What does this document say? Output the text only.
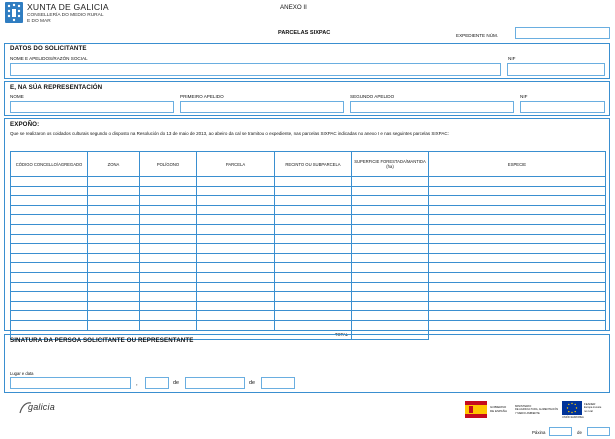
XUNTA DE GALICIA
CONSELLERÍA DO MEDIO RURAL
E DO MAR
ANEXO II
PARCELAS SIXPAC	EXPEDIENTE NÚM.
DATOS DO SOLICITANTE
NOME E APELIDOS/RAZÓN SOCIAL	NIF
E, NA SÚA REPRESENTACIÓN
NOME	PRIMEIRO APELIDO	SEGUNDO APELIDO	NIF
EXPOÑO:
Que se realizaron os coidados culturais segundo o disposto na Resolución do 13 de maio de 2013, ao abeiro da cal se tramitou o expediente, nas parcelas SIXPAC indicadas no anexo I e nas seguintes parcelas SIXPAC:
CÓDIGO CONCELLO/AGREGADO	ZONA	POLÍGONO	PARCELA	RECINTO OU SUBPARCELA	SUPERFICIE FORESTADA/MANTIDA (ha)	ESPECIE

TOTAL						
SINATURA DA PERSOA SOLICITANTE OU REPRESENTANTE
Lugar e data
,	de	de
galicia	GOBIERNO
DE ESPAÑA
MINISTERIO
DE AGRICULTURA, ALIMENTACIÓN
Y MEDIO AMBIENTE
UNIÓN EUROPEA
FEADER
Europa investe
no rural
Páxina	de
